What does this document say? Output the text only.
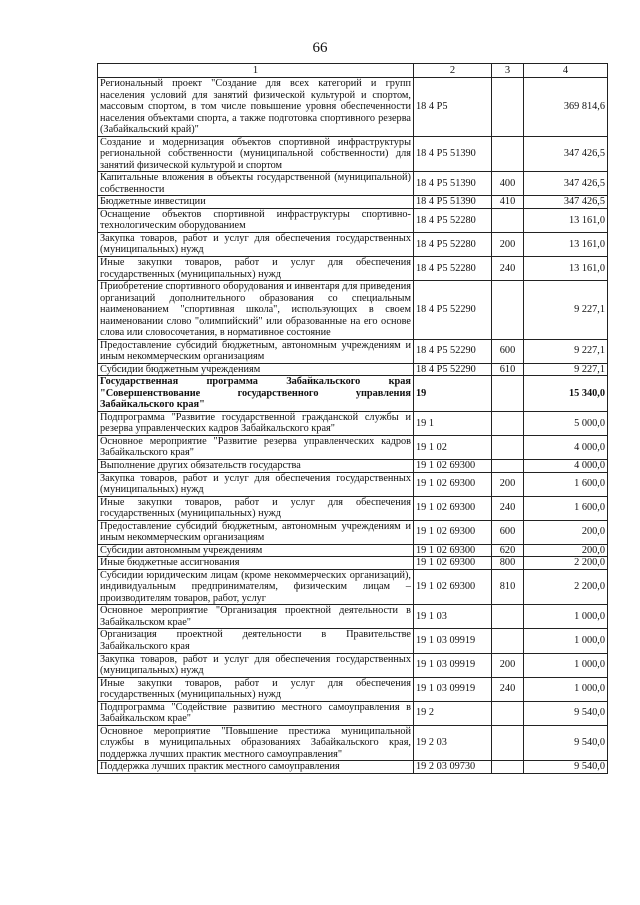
66
1	2	3	4
Региональный проект "Создание для всех категорий и групп населения условий для занятий физической культурой и спортом, массовым спортом, в том числе повышение уровня обеспеченности населения объектами спорта, а также подготовка спортивного резерва (Забайкальский край)"	18 4 P5		369 814,6
Создание и модернизация объектов спортивной инфраструктуры региональной собственности (муниципальной собственности) для занятий физической культурой и спортом	18 4 P5 51390		347 426,5
Капитальные вложения в объекты государственной (муниципальной) собственности	18 4 P5 51390	400	347 426,5
Бюджетные инвестиции	18 4 P5 51390	410	347 426,5
Оснащение объектов спортивной инфраструктуры спортивно-технологическим оборудованием	18 4 P5 52280		13 161,0
Закупка товаров, работ и услуг для обеспечения государственных (муниципальных) нужд	18 4 P5 52280	200	13 161,0
Иные закупки товаров, работ и услуг для обеспечения государственных (муниципальных) нужд	18 4 P5 52280	240	13 161,0
Приобретение спортивного оборудования и инвентаря для приведения организаций дополнительного образования со специальным наименованием "спортивная школа", использующих в своем наименовании слово "олимпийский" или образованные на его основе слова или словосочетания, в нормативное состояние	18 4 P5 52290		9 227,1
Предоставление субсидий бюджетным, автономным учреждениям и иным некоммерческим организациям	18 4 P5 52290	600	9 227,1
Субсидии бюджетным учреждениям	18 4 P5 52290	610	9 227,1
Государственная программа Забайкальского края "Совершенствование государственного управления Забайкальского края"	19		15 340,0
Подпрограмма "Развитие государственной гражданской службы и резерва управленческих кадров Забайкальского края"	19 1		5 000,0
Основное мероприятие "Развитие резерва управленческих кадров Забайкальского края"	19 1 02		4 000,0
Выполнение других обязательств государства	19 1 02 69300		4 000,0
Закупка товаров, работ и услуг для обеспечения государственных (муниципальных) нужд	19 1 02 69300	200	1 600,0
Иные закупки товаров, работ и услуг для обеспечения государственных (муниципальных) нужд	19 1 02 69300	240	1 600,0
Предоставление субсидий бюджетным, автономным учреждениям и иным некоммерческим организациям	19 1 02 69300	600	200,0
Субсидии автономным учреждениям	19 1 02 69300	620	200,0
Иные бюджетные ассигнования	19 1 02 69300	800	2 200,0
Субсидии юридическим лицам (кроме некоммерческих организаций), индивидуальным предпринимателям, физическим лицам – производителям товаров, работ, услуг	19 1 02 69300	810	2 200,0
Основное мероприятие "Организация проектной деятельности в Забайкальском крае"	19 1 03		1 000,0
Организация проектной деятельности в Правительстве Забайкальского края	19 1 03 09919		1 000,0
Закупка товаров, работ и услуг для обеспечения государственных (муниципальных) нужд	19 1 03 09919	200	1 000,0
Иные закупки товаров, работ и услуг для обеспечения государственных (муниципальных) нужд	19 1 03 09919	240	1 000,0
Подпрограмма "Содействие развитию местного самоуправления в Забайкальском крае"	19 2		9 540,0
Основное мероприятие "Повышение престижа муниципальной службы в муниципальных образованиях Забайкальского края, поддержка лучших практик местного самоуправления"	19 2 03		9 540,0
Поддержка лучших практик местного самоуправления	19 2 03 09730		9 540,0
